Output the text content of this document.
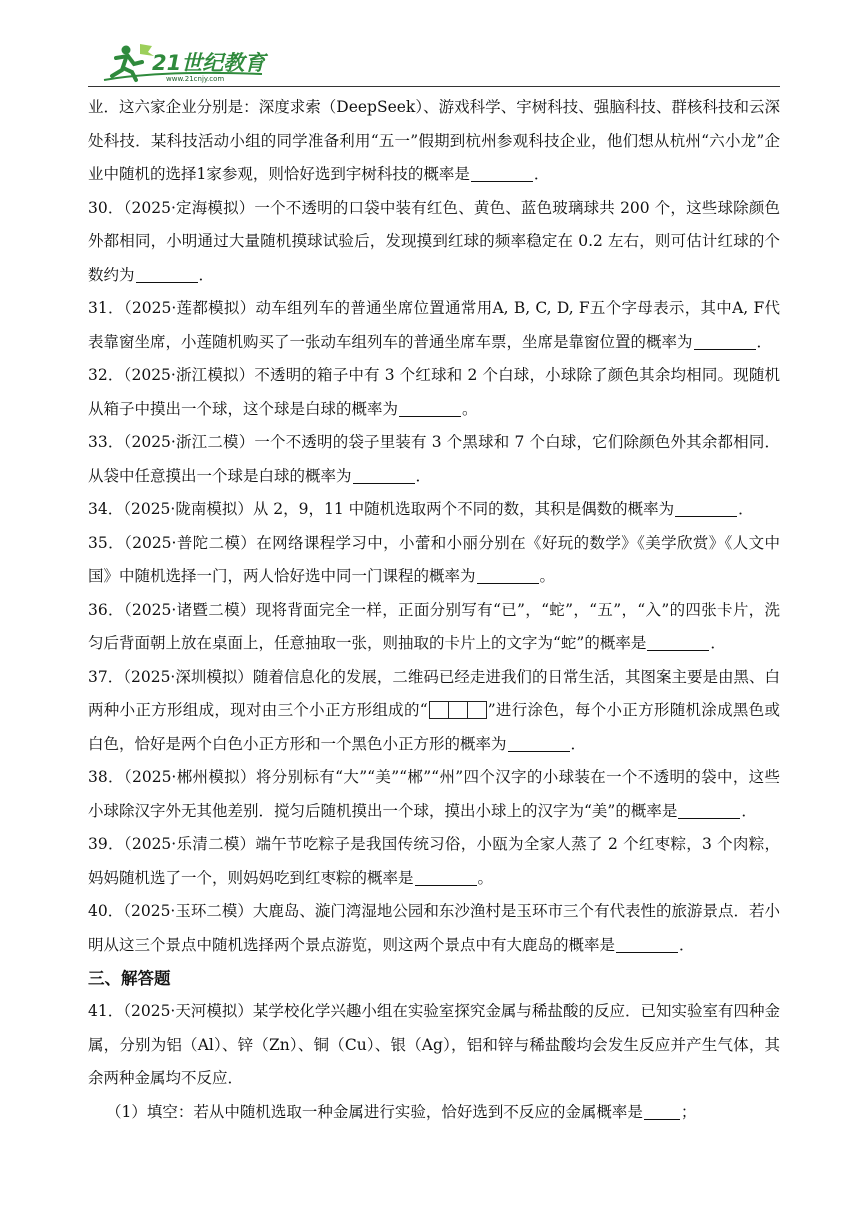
21世纪教育
www.21cnjy.com

业．这六家企业分别是：深度求索（DeepSeek）、游戏科学、宇树科技、强脑科技、群核科技和云深处科技．某科技活动小组的同学准备利用“五一”假期到杭州参观科技企业，他们想从杭州“六小龙”企业中随机的选择1家参观，则恰好选到宇树科技的概率是	．

30．（2025·定海模拟）一个不透明的口袋中装有红色、黄色、蓝色玻璃球共 200 个，这些球除颜色外都相同，小明通过大量随机摸球试验后，发现摸到红球的频率稳定在 0.2 左右，则可估计红球的个数约为	．

31．（2025·莲都模拟）动车组列车的普通坐席位置通常用A, B, C, D, F五个字母表示，其中A, F代表靠窗坐席，小莲随机购买了一张动车组列车的普通坐席车票，坐席是靠窗位置的概率为	．

32．（2025·浙江模拟）不透明的箱子中有 3 个红球和 2 个白球，小球除了颜色其余均相同。现随机从箱子中摸出一个球，这个球是白球的概率为	。

33．（2025·浙江二模）一个不透明的袋子里装有 3 个黑球和 7 个白球，它们除颜色外其余都相同．从袋中任意摸出一个球是白球的概率为	．

34．（2025·陇南模拟）从 2，9，11 中随机选取两个不同的数，其积是偶数的概率为	．

35．（2025·普陀二模）在网络课程学习中，小蕾和小丽分别在《好玩的数学》《美学欣赏》《人文中国》中随机选择一门，两人恰好选中同一门课程的概率为	。

36．（2025·诸暨二模）现将背面完全一样，正面分别写有“已”，“蛇”，“五”，“入”的四张卡片，洗匀后背面朝上放在桌面上，任意抽取一张，则抽取的卡片上的文字为“蛇”的概率是	．

37．（2025·深圳模拟）随着信息化的发展，二维码已经走进我们的日常生活，其图案主要是由黑、白两种小正方形组成，现对由三个小正方形组成的“	”进行涂色，每个小正方形随机涂成黑色或白色，恰好是两个白色小正方形和一个黑色小正方形的概率为	．

38．（2025·郴州模拟）将分别标有“大”“美”“郴”“州”四个汉字的小球装在一个不透明的袋中，这些小球除汉字外无其他差别．搅匀后随机摸出一个球，摸出小球上的汉字为“美”的概率是	．

39．（2025·乐清二模）端午节吃粽子是我国传统习俗，小瓯为全家人蒸了 2 个红枣粽，3 个肉粽，妈妈随机选了一个，则妈妈吃到红枣粽的概率是	。

40．（2025·玉环二模）大鹿岛、漩门湾湿地公园和东沙渔村是玉环市三个有代表性的旅游景点．若小明从这三个景点中随机选择两个景点游览，则这两个景点中有大鹿岛的概率是	．

三、解答题

41．（2025·天河模拟）某学校化学兴趣小组在实验室探究金属与稀盐酸的反应．已知实验室有四种金属，分别为铝（Al）、锌（Zn）、铜（Cu）、银（Ag），铝和锌与稀盐酸均会发生反应并产生气体，其余两种金属均不反应．

（1）填空：若从中随机选取一种金属进行实验，恰好选到不反应的金属概率是 ；
